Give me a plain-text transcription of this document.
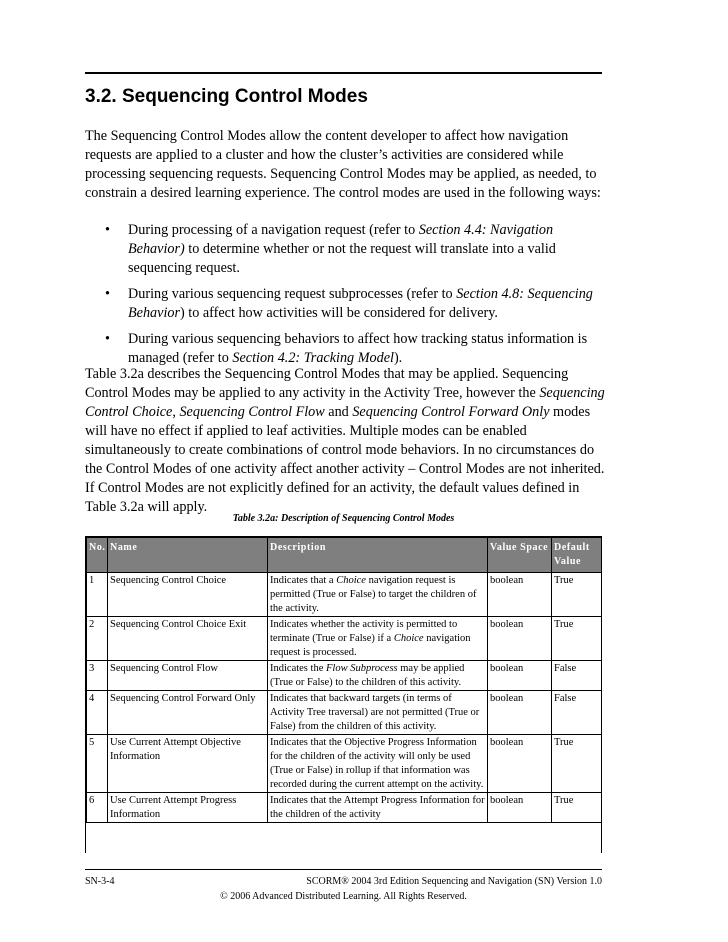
3.2. Sequencing Control Modes

The Sequencing Control Modes allow the content developer to affect how navigation requests are applied to a cluster and how the cluster’s activities are considered while processing sequencing requests. Sequencing Control Modes may be applied, as needed, to constrain a desired learning experience. The control modes are used in the following ways:

• During processing of a navigation request (refer to Section 4.4: Navigation Behavior) to determine whether or not the request will translate into a valid sequencing request.
• During various sequencing request subprocesses (refer to Section 4.8: Sequencing Behavior) to affect how activities will be considered for delivery.
• During various sequencing behaviors to affect how tracking status information is managed (refer to Section 4.2: Tracking Model).

Table 3.2a describes the Sequencing Control Modes that may be applied. Sequencing Control Modes may be applied to any activity in the Activity Tree, however the Sequencing Control Choice, Sequencing Control Flow and Sequencing Control Forward Only modes will have no effect if applied to leaf activities. Multiple modes can be enabled simultaneously to create combinations of control mode behaviors. In no circumstances do the Control Modes of one activity affect another activity – Control Modes are not inherited. If Control Modes are not explicitly defined for an activity, the default values defined in Table 3.2a will apply.

Table 3.2a: Description of Sequencing Control Modes

No.	Name	Description	Value Space	Default Value
1	Sequencing Control Choice	Indicates that a Choice navigation request is permitted (True or False) to target the children of the activity.	boolean	True
2	Sequencing Control Choice Exit	Indicates whether the activity is permitted to terminate (True or False) if a Choice navigation request is processed.	boolean	True
3	Sequencing Control Flow	Indicates the Flow Subprocess may be applied (True or False) to the children of this activity.	boolean	False
4	Sequencing Control Forward Only	Indicates that backward targets (in terms of Activity Tree traversal) are not permitted (True or False) from the children of this activity.	boolean	False
5	Use Current Attempt Objective Information	Indicates that the Objective Progress Information for the children of the activity will only be used (True or False) in rollup if that information was recorded during the current attempt on the activity.	boolean	True
6	Use Current Attempt Progress Information	Indicates that the Attempt Progress Information for the children of the activity	boolean	True

SN-3-4	SCORM® 2004 3rd Edition Sequencing and Navigation (SN) Version 1.0

© 2006 Advanced Distributed Learning. All Rights Reserved.
